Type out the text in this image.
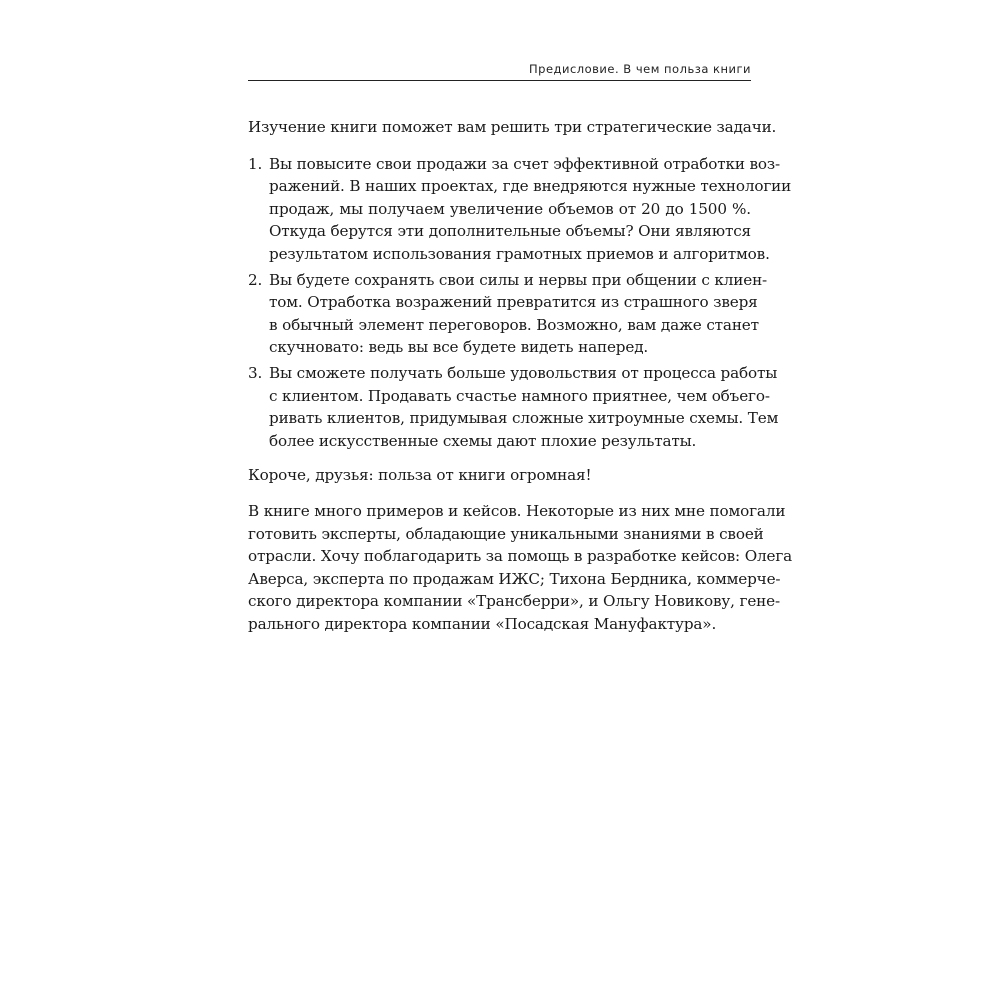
Предисловие. В чем польза книги

Изучение книги поможет вам решить три стратегические задачи.

1. Вы повысите свои продажи за счет эффективной отработки воз-
ражений. В наших проектах, где внедряются нужные технологии
продаж, мы получаем увеличение объемов от 20 до 1500 %.
Откуда берутся эти дополнительные объемы? Они являются
результатом использования грамотных приемов и алгоритмов.
2. Вы будете сохранять свои силы и нервы при общении с клиен-
том. Отработка возражений превратится из страшного зверя
в обычный элемент переговоров. Возможно, вам даже станет
скучновато: ведь вы все будете видеть наперед.
3. Вы сможете получать больше удовольствия от процесса работы
с клиентом. Продавать счастье намного приятнее, чем объего-
ривать клиентов, придумывая сложные хитроумные схемы. Тем
более искусственные схемы дают плохие результаты.

Короче, друзья: польза от книги огромная!

В книге много примеров и кейсов. Некоторые из них мне помогали
готовить эксперты, обладающие уникальными знаниями в своей
отрасли. Хочу поблагодарить за помощь в разработке кейсов: Олега
Аверса, эксперта по продажам ИЖС; Тихона Бердника, коммерче-
ского директора компании «Трансберри», и Ольгу Новикову, гене-
рального директора компании «Посадская Мануфактура».
